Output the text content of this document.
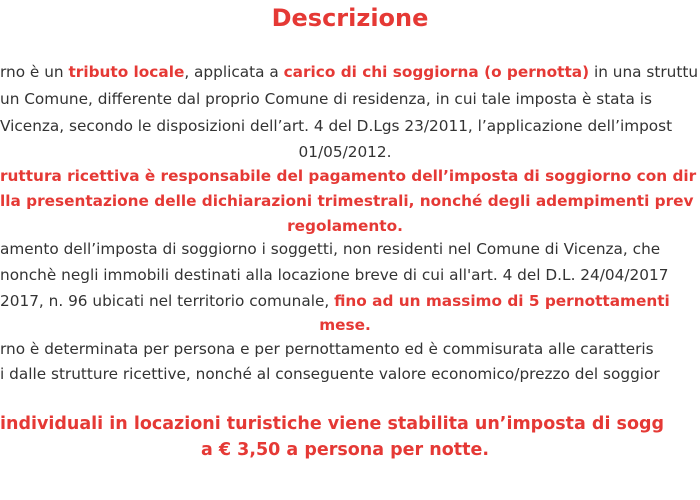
Descrizione
rno è un tributo locale, applicata a carico di chi soggiorna (o pernotta) in una struttu
un Comune, differente dal proprio Comune di residenza, in cui tale imposta è stata is
Vicenza, secondo le disposizioni dell’art. 4 del D.Lgs 23/2011, l’applicazione dell’impost
01/05/2012.
ruttura ricettiva è responsabile del pagamento dell’imposta di soggiorno con dir
lla presentazione delle dichiarazioni trimestrali, nonché degli adempimenti prev
regolamento.
amento dell’imposta di soggiorno i soggetti, non residenti nel Comune di Vicenza, che
nonchè negli immobili destinati alla locazione breve di cui all'art. 4 del D.L. 24/04/2017
2017, n. 96 ubicati nel territorio comunale, fino ad un massimo di 5 pernottamenti
mese.
rno è determinata per persona e per pernottamento ed è commisurata alle caratteris
i dalle strutture ricettive, nonché al conseguente valore economico/prezzo del soggior
individuali in locazioni turistiche viene stabilita un’imposta di sogg
a € 3,50 a persona per notte.
